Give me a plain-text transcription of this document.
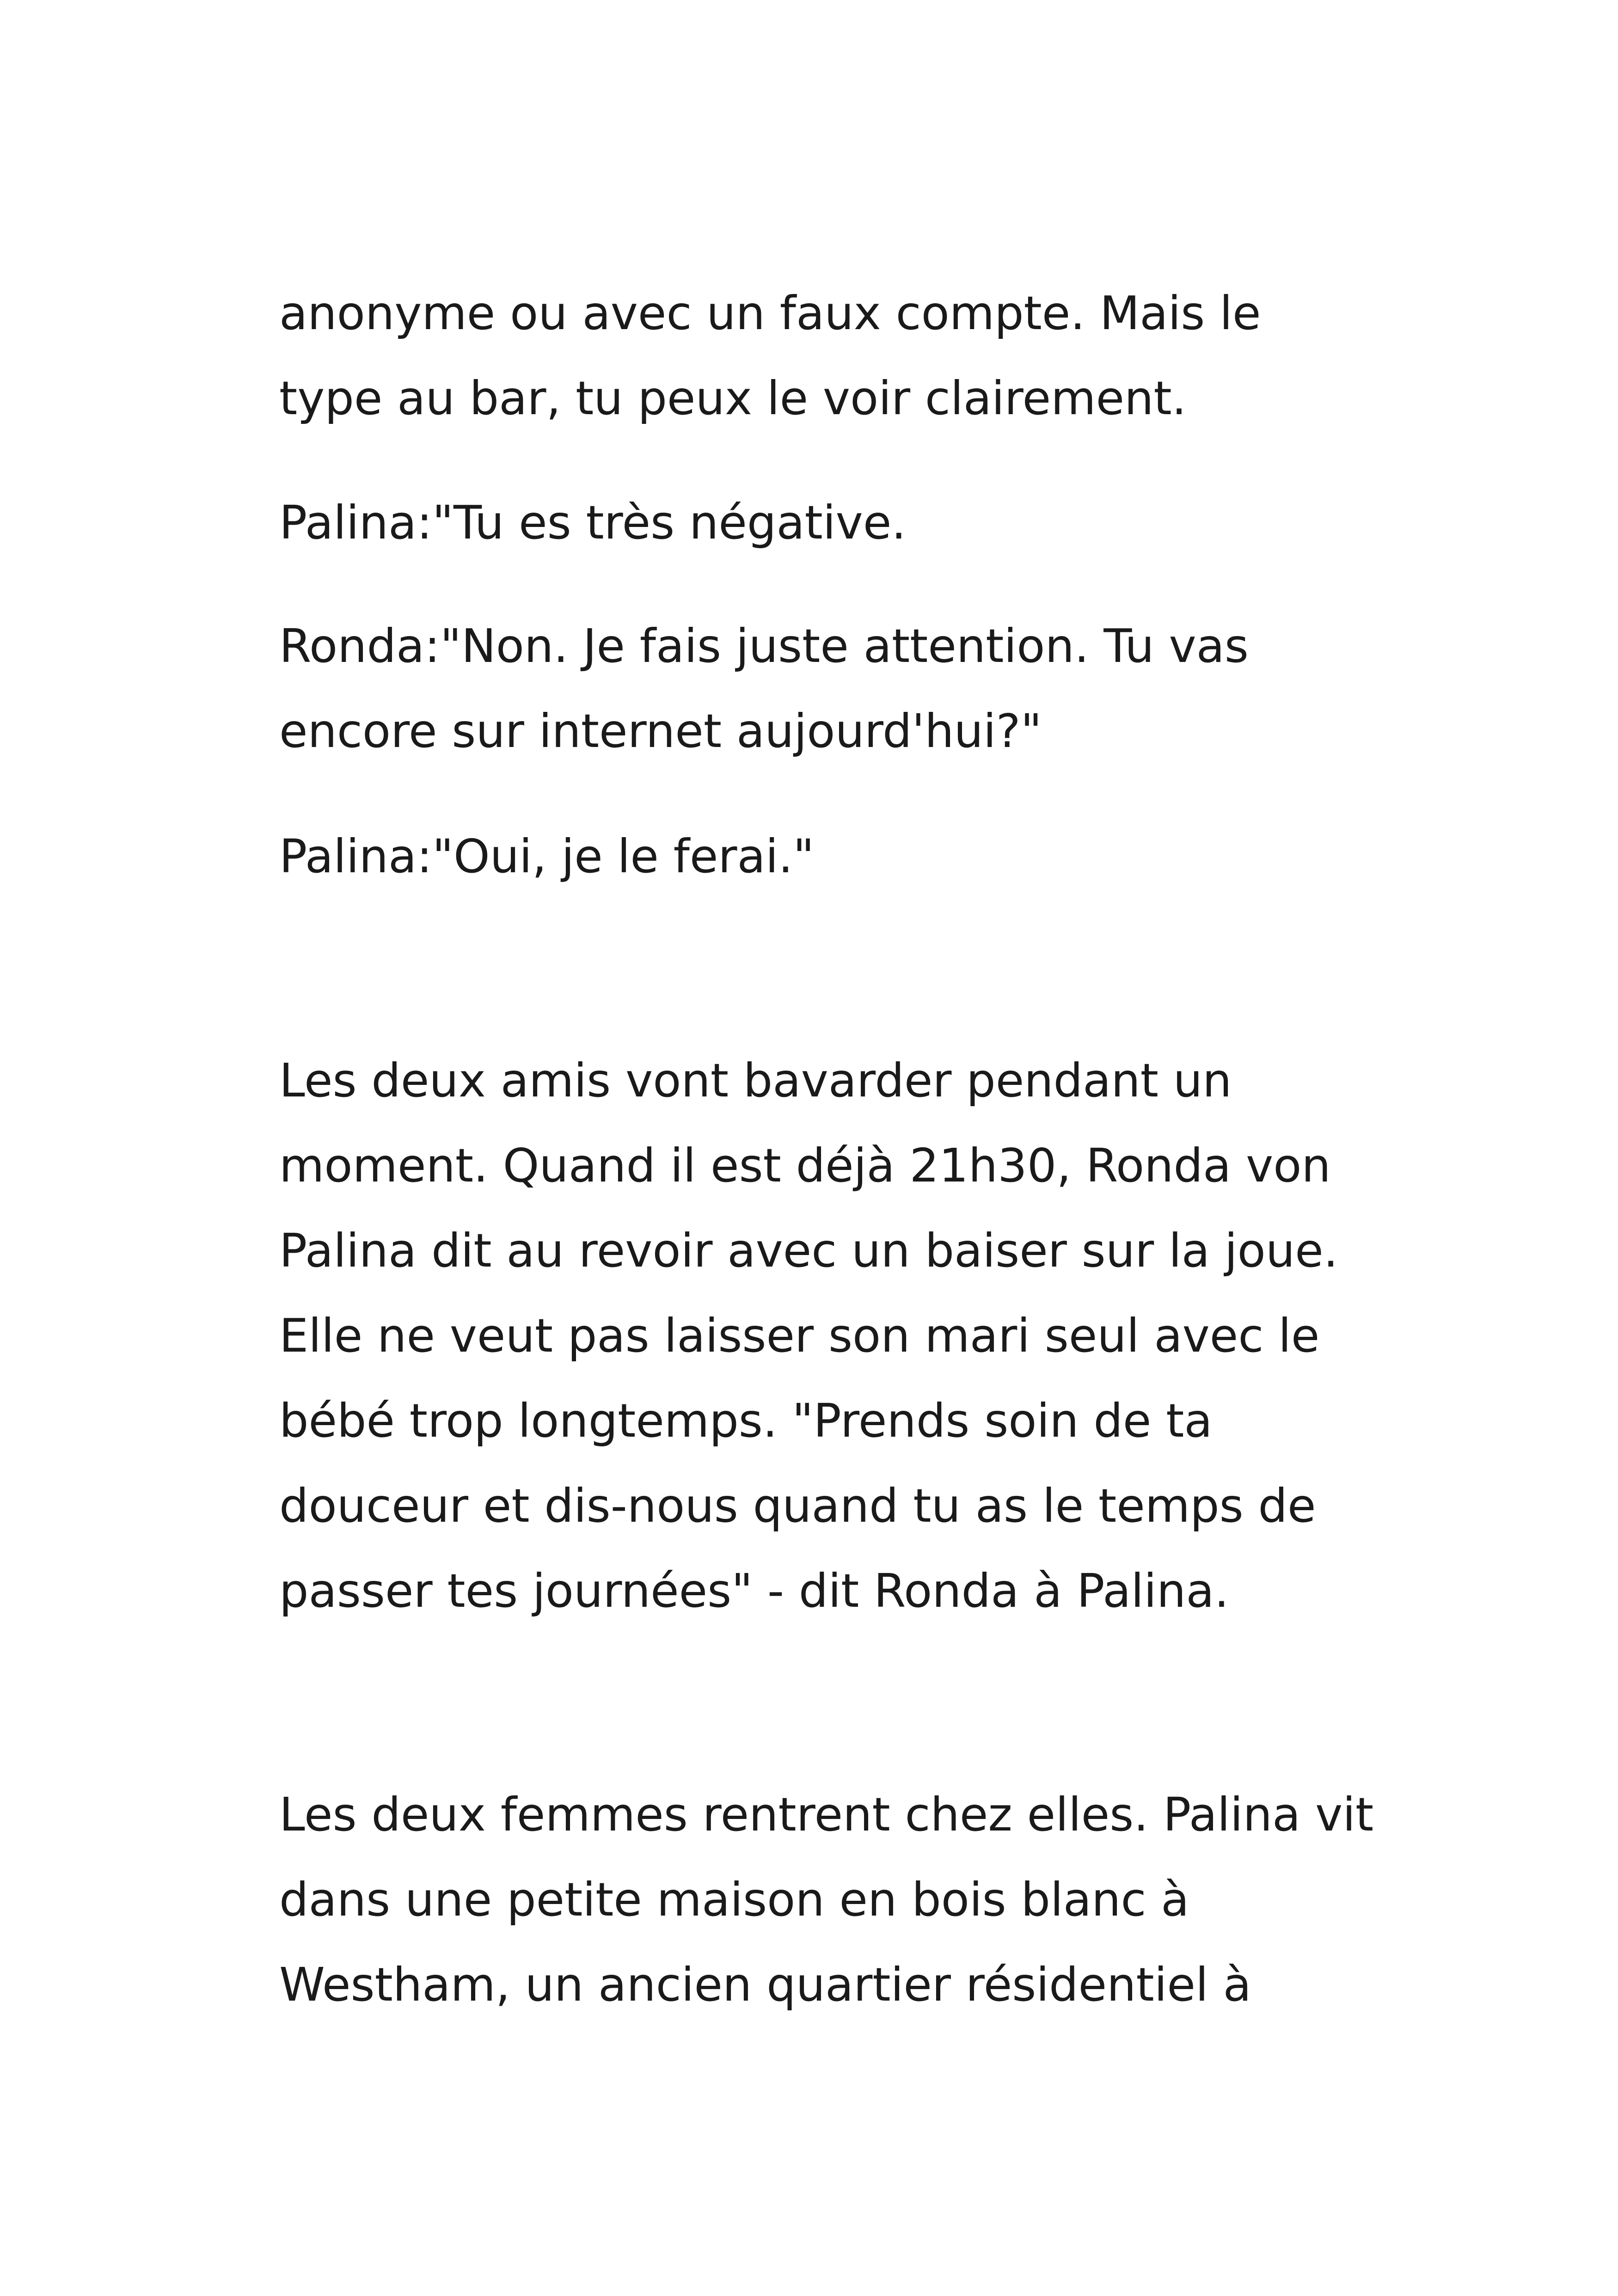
anonyme ou avec un faux compte. Mais le
type au bar, tu peux le voir clairement.
Palina:"Tu es très négative.
Ronda:"Non. Je fais juste attention. Tu vas
encore sur internet aujourd'hui?"
Palina:"Oui, je le ferai."
Les deux amis vont bavarder pendant un
moment. Quand il est déjà 21h30, Ronda von
Palina dit au revoir avec un baiser sur la joue.
Elle ne veut pas laisser son mari seul avec le
bébé trop longtemps. "Prends soin de ta
douceur et dis-nous quand tu as le temps de
passer tes journées" - dit Ronda à Palina.
Les deux femmes rentrent chez elles. Palina vit
dans une petite maison en bois blanc à
Westham, un ancien quartier résidentiel à
